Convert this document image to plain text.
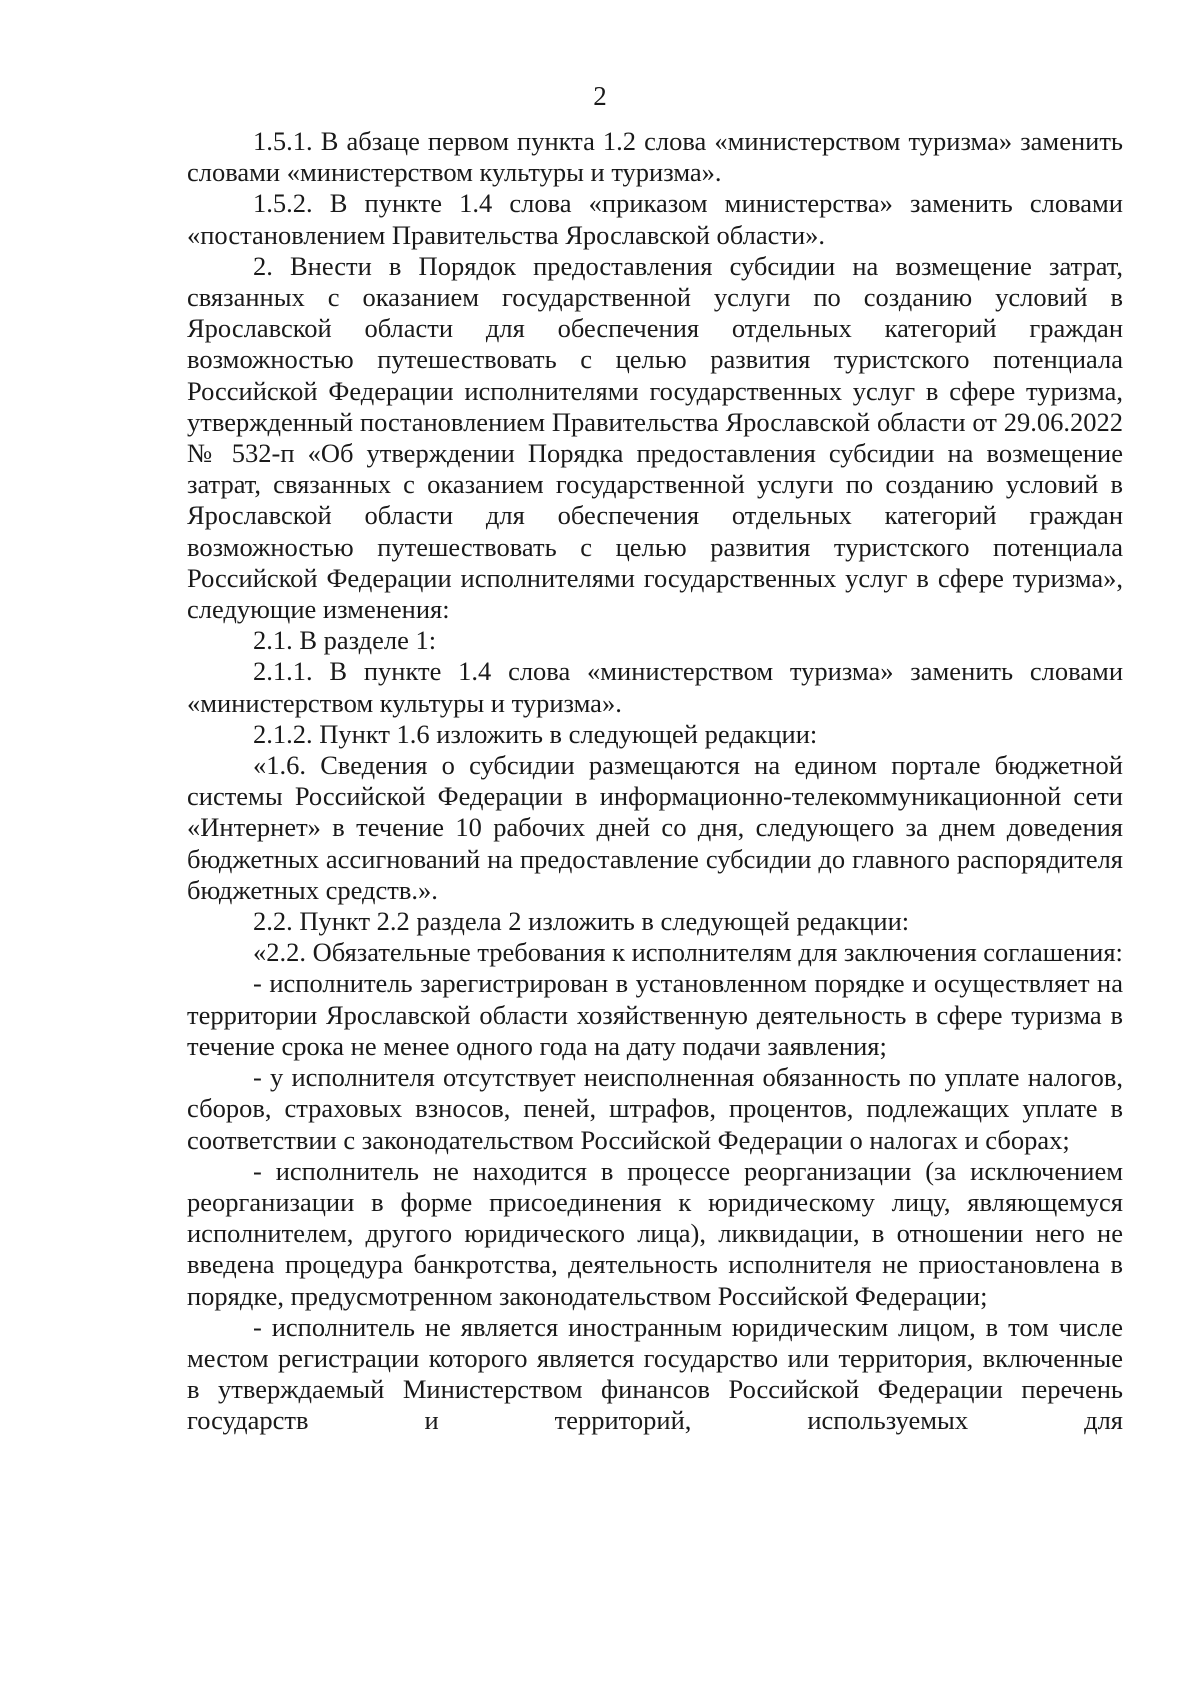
2

1.5.1. В абзаце первом пункта 1.2 слова «министерством туризма» заменить словами «министерством культуры и туризма».

1.5.2. В пункте 1.4 слова «приказом министерства» заменить словами «постановлением Правительства Ярославской области».

2. Внести в Порядок предоставления субсидии на возмещение затрат, связанных с оказанием государственной услуги по созданию условий в Ярославской области для обеспечения отдельных категорий граждан возможностью путешествовать с целью развития туристского потенциала Российской Федерации исполнителями государственных услуг в сфере туризма, утвержденный постановлением Правительства Ярославской области от 29.06.2022 № 532-п «Об утверждении Порядка предоставления субсидии на возмещение затрат, связанных с оказанием государственной услуги по созданию условий в Ярославской области для обеспечения отдельных категорий граждан возможностью путешествовать с целью развития туристского потенциала Российской Федерации исполнителями государственных услуг в сфере туризма», следующие изменения:

2.1. В разделе 1:

2.1.1. В пункте 1.4 слова «министерством туризма» заменить словами «министерством культуры и туризма».

2.1.2. Пункт 1.6 изложить в следующей редакции:

«1.6. Сведения о субсидии размещаются на едином портале бюджетной системы Российской Федерации в информационно-телекоммуникационной сети «Интернет» в течение 10 рабочих дней со дня, следующего за днем доведения бюджетных ассигнований на предоставление субсидии до главного распорядителя бюджетных средств.».

2.2. Пункт 2.2 раздела 2 изложить в следующей редакции:

«2.2. Обязательные требования к исполнителям для заключения соглашения:

- исполнитель зарегистрирован в установленном порядке и осуществляет на территории Ярославской области хозяйственную деятельность в сфере туризма в течение срока не менее одного года на дату подачи заявления;

- у исполнителя отсутствует неисполненная обязанность по уплате налогов, сборов, страховых взносов, пеней, штрафов, процентов, подлежащих уплате в соответствии с законодательством Российской Федерации о налогах и сборах;

- исполнитель не находится в процессе реорганизации (за исключением реорганизации в форме присоединения к юридическому лицу, являющемуся исполнителем, другого юридического лица), ликвидации, в отношении него не введена процедура банкротства, деятельность исполнителя не приостановлена в порядке, предусмотренном законодательством Российской Федерации;

- исполнитель не является иностранным юридическим лицом, в том числе местом регистрации которого является государство или территория, включенные в утверждаемый Министерством финансов Российской Федерации перечень государств и территорий, используемых для
